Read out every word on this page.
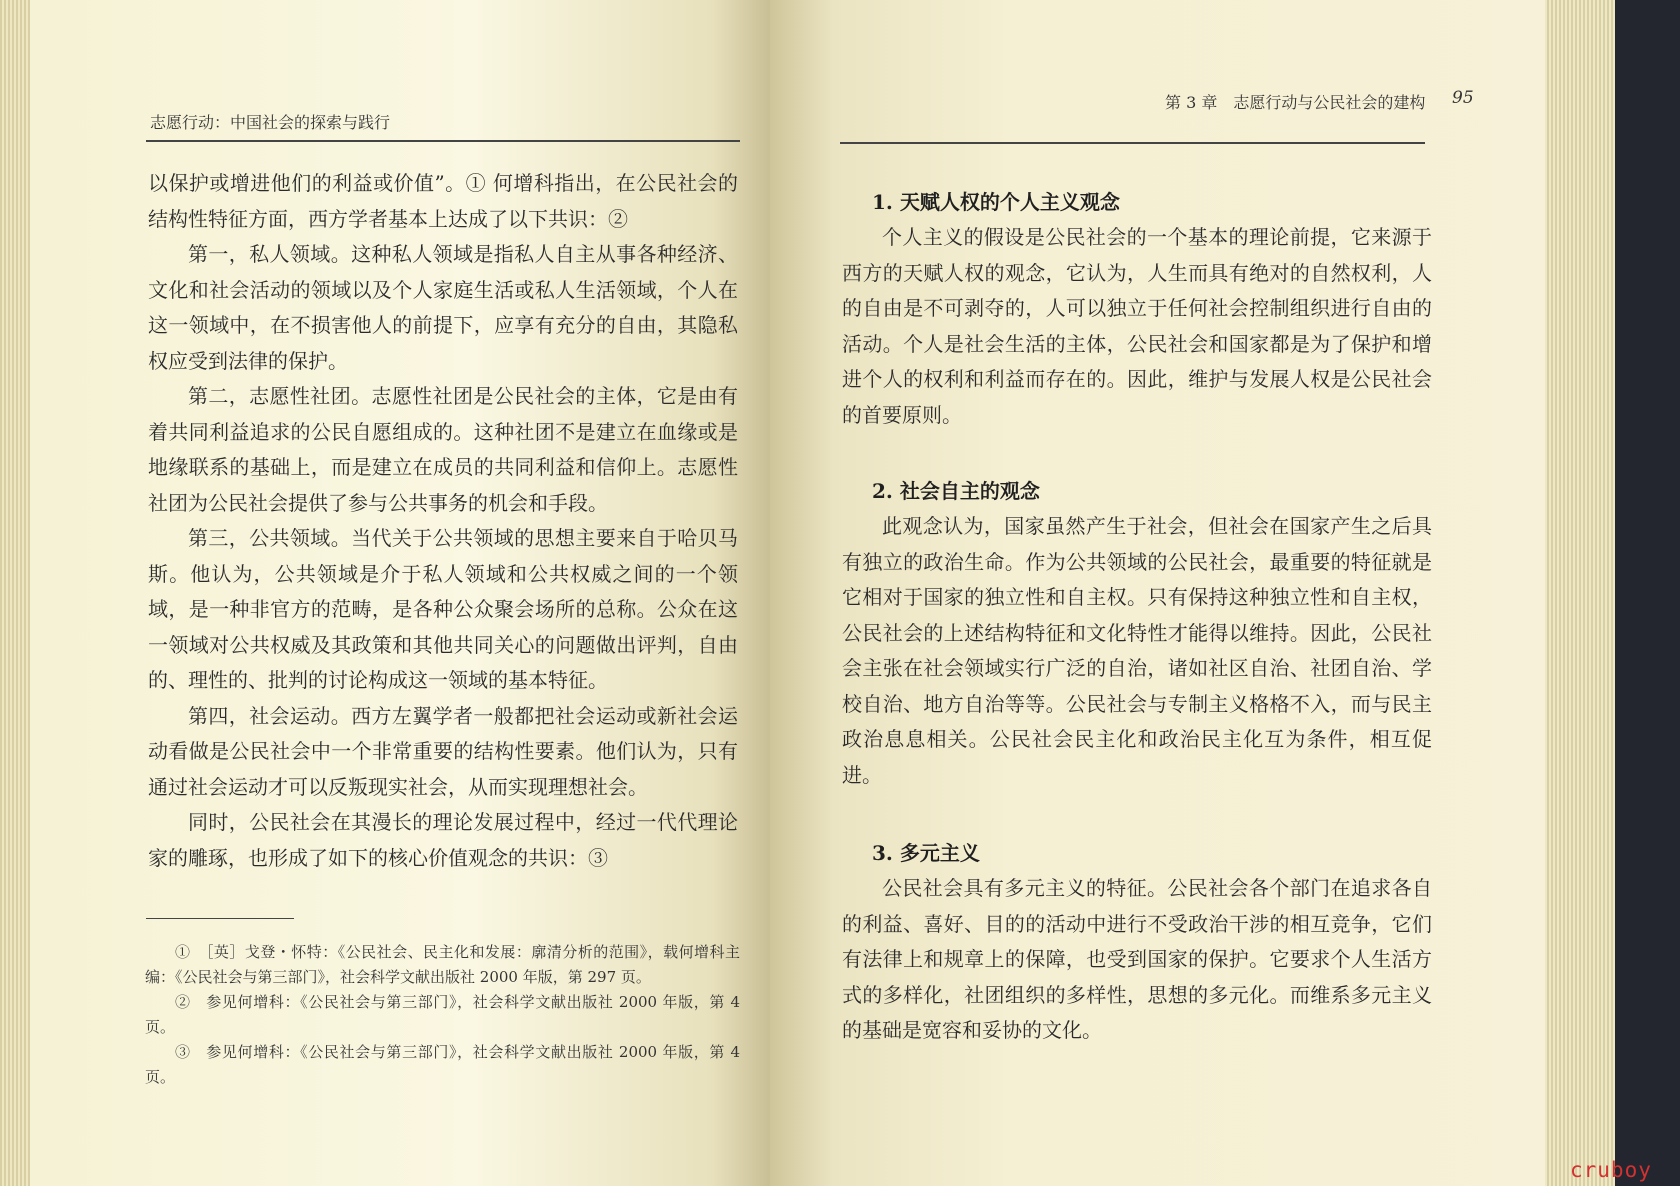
志愿行动：中国社会的探索与践行

以保护或增进他们的利益或价值”。① 何增科指出，在公民社会的结构性特征方面，西方学者基本上达成了以下共识：②

第一，私人领域。这种私人领域是指私人自主从事各种经济、文化和社会活动的领域以及个人家庭生活或私人生活领域，个人在这一领域中，在不损害他人的前提下，应享有充分的自由，其隐私权应受到法律的保护。

第二，志愿性社团。志愿性社团是公民社会的主体，它是由有着共同利益追求的公民自愿组成的。这种社团不是建立在血缘或是地缘联系的基础上，而是建立在成员的共同利益和信仰上。志愿性社团为公民社会提供了参与公共事务的机会和手段。

第三，公共领域。当代关于公共领域的思想主要来自于哈贝马斯。他认为，公共领域是介于私人领域和公共权威之间的一个领域，是一种非官方的范畴，是各种公众聚会场所的总称。公众在这一领域对公共权威及其政策和其他共同关心的问题做出评判，自由的、理性的、批判的讨论构成这一领域的基本特征。

第四，社会运动。西方左翼学者一般都把社会运动或新社会运动看做是公民社会中一个非常重要的结构性要素。他们认为，只有通过社会运动才可以反叛现实社会，从而实现理想社会。

同时，公民社会在其漫长的理论发展过程中，经过一代代理论家的雕琢，也形成了如下的核心价值观念的共识：③

①　［英］戈登・怀特：《公民社会、民主化和发展：廓清分析的范围》，载何增科主编：《公民社会与第三部门》，社会科学文献出版社 2000 年版，第 297 页。

②　参见何增科：《公民社会与第三部门》，社会科学文献出版社 2000 年版，第 4 页。

③　参见何增科：《公民社会与第三部门》，社会科学文献出版社 2000 年版，第 4 页。

第 3 章　志愿行动与公民社会的建构 95
1. 天赋人权的个人主义观念

个人主义的假设是公民社会的一个基本的理论前提，它来源于西方的天赋人权的观念，它认为，人生而具有绝对的自然权利，人的自由是不可剥夺的，人可以独立于任何社会控制组织进行自由的活动。个人是社会生活的主体，公民社会和国家都是为了保护和增进个人的权利和利益而存在的。因此，维护与发展人权是公民社会的首要原则。

2. 社会自主的观念

此观念认为，国家虽然产生于社会，但社会在国家产生之后具有独立的政治生命。作为公共领域的公民社会，最重要的特征就是它相对于国家的独立性和自主权。只有保持这种独立性和自主权，公民社会的上述结构特征和文化特性才能得以维持。因此，公民社会主张在社会领域实行广泛的自治，诸如社区自治、社团自治、学校自治、地方自治等等。公民社会与专制主义格格不入，而与民主政治息息相关。公民社会民主化和政治民主化互为条件，相互促进。

3. 多元主义

公民社会具有多元主义的特征。公民社会各个部门在追求各自的利益、喜好、目的的活动中进行不受政治干涉的相互竞争，它们有法律上和规章上的保障，也受到国家的保护。它要求个人生活方式的多样化，社团组织的多样性，思想的多元化。而维系多元主义的基础是宽容和妥协的文化。

cruboy
